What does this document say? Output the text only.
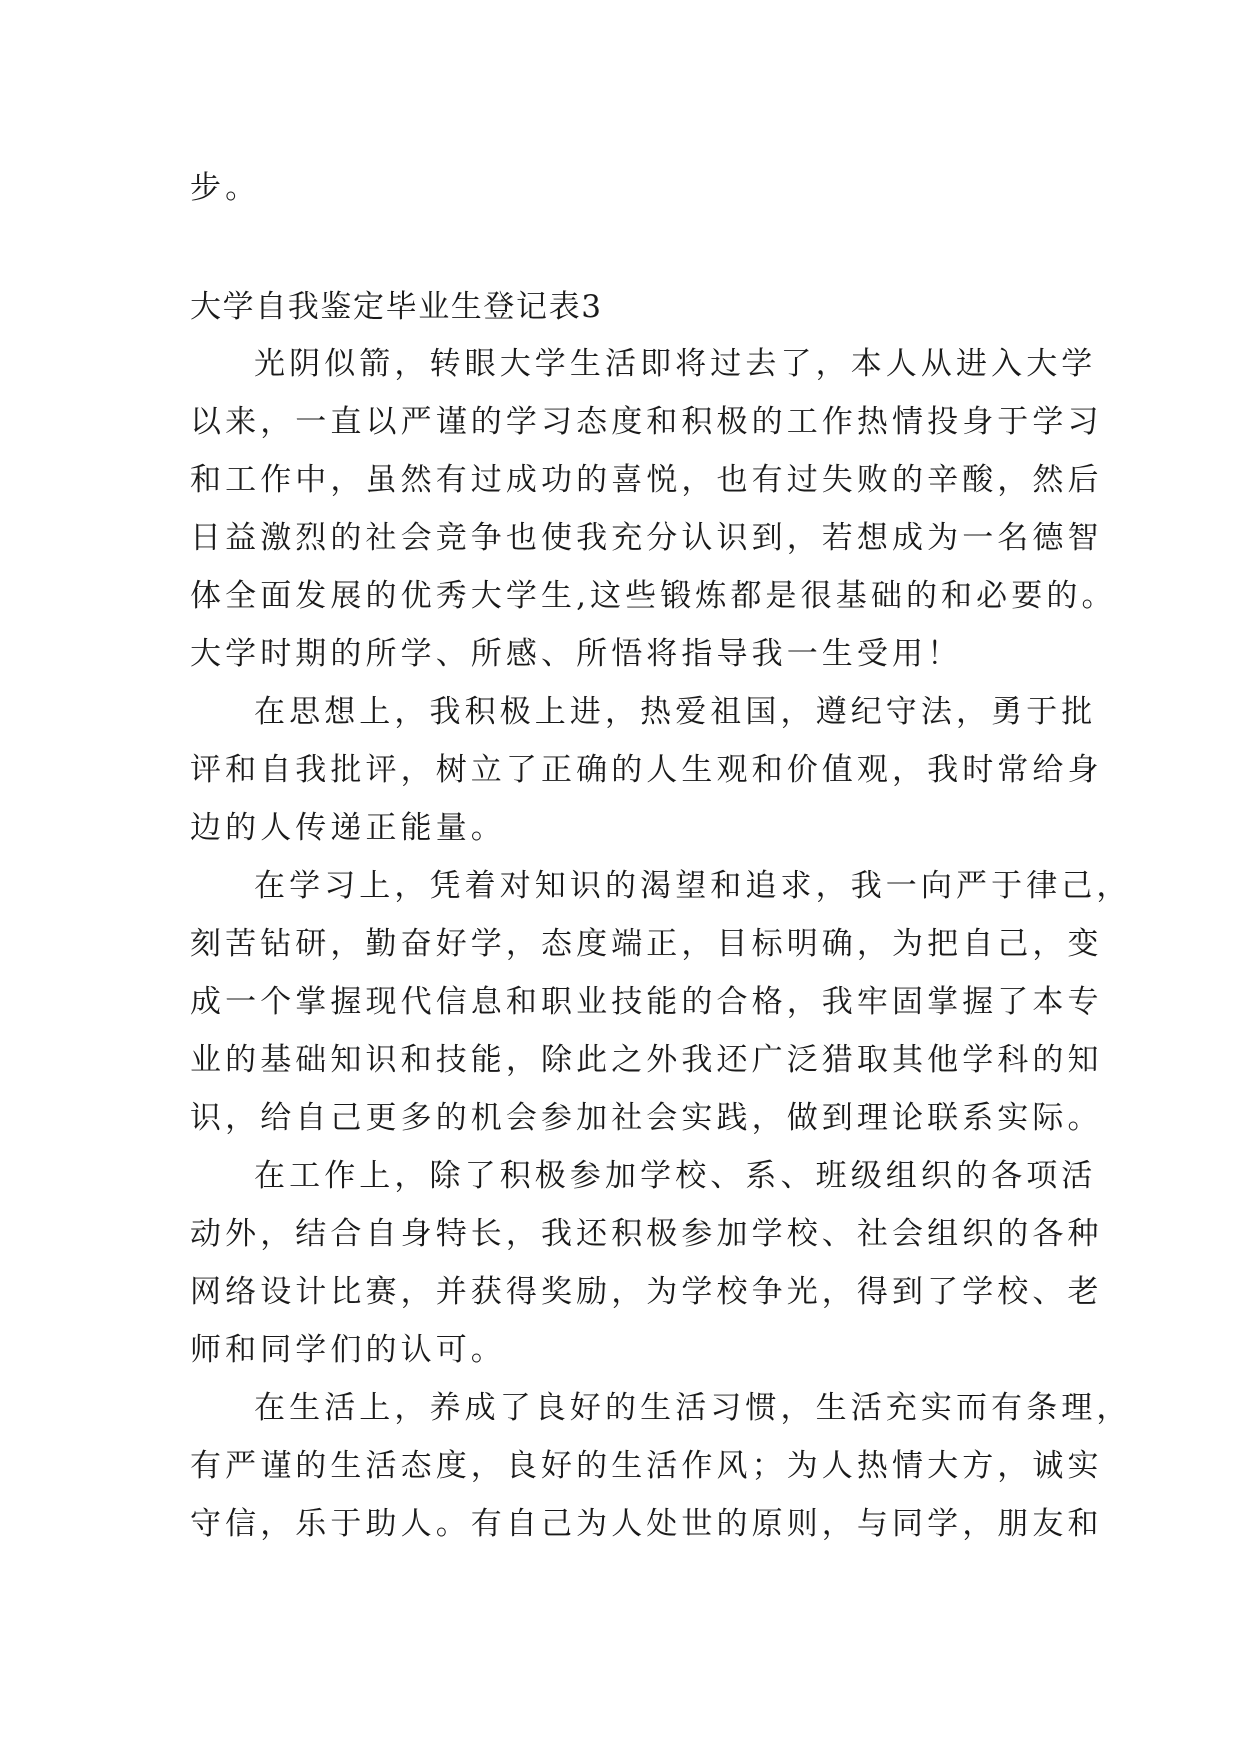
步。
大学自我鉴定毕业生登记表3
光阴似箭，转眼大学生活即将过去了，本人从进入大学
以来，一直以严谨的学习态度和积极的工作热情投身于学习
和工作中，虽然有过成功的喜悦，也有过失败的辛酸，然后
日益激烈的社会竞争也使我充分认识到，若想成为一名德智
体全面发展的优秀大学生,这些锻炼都是很基础的和必要的。
大学时期的所学、所感、所悟将指导我一生受用！
在思想上，我积极上进，热爱祖国，遵纪守法，勇于批
评和自我批评，树立了正确的人生观和价值观，我时常给身
边的人传递正能量。
在学习上，凭着对知识的渴望和追求，我一向严于律己，
刻苦钻研，勤奋好学，态度端正，目标明确，为把自己，变
成一个掌握现代信息和职业技能的合格，我牢固掌握了本专
业的基础知识和技能，除此之外我还广泛猎取其他学科的知
识，给自己更多的机会参加社会实践，做到理论联系实际。
在工作上，除了积极参加学校、系、班级组织的各项活
动外，结合自身特长，我还积极参加学校、社会组织的各种
网络设计比赛，并获得奖励，为学校争光，得到了学校、老
师和同学们的认可。
在生活上，养成了良好的生活习惯，生活充实而有条理，
有严谨的生活态度，良好的生活作风；为人热情大方，诚实
守信，乐于助人。有自己为人处世的原则，与同学，朋友和
